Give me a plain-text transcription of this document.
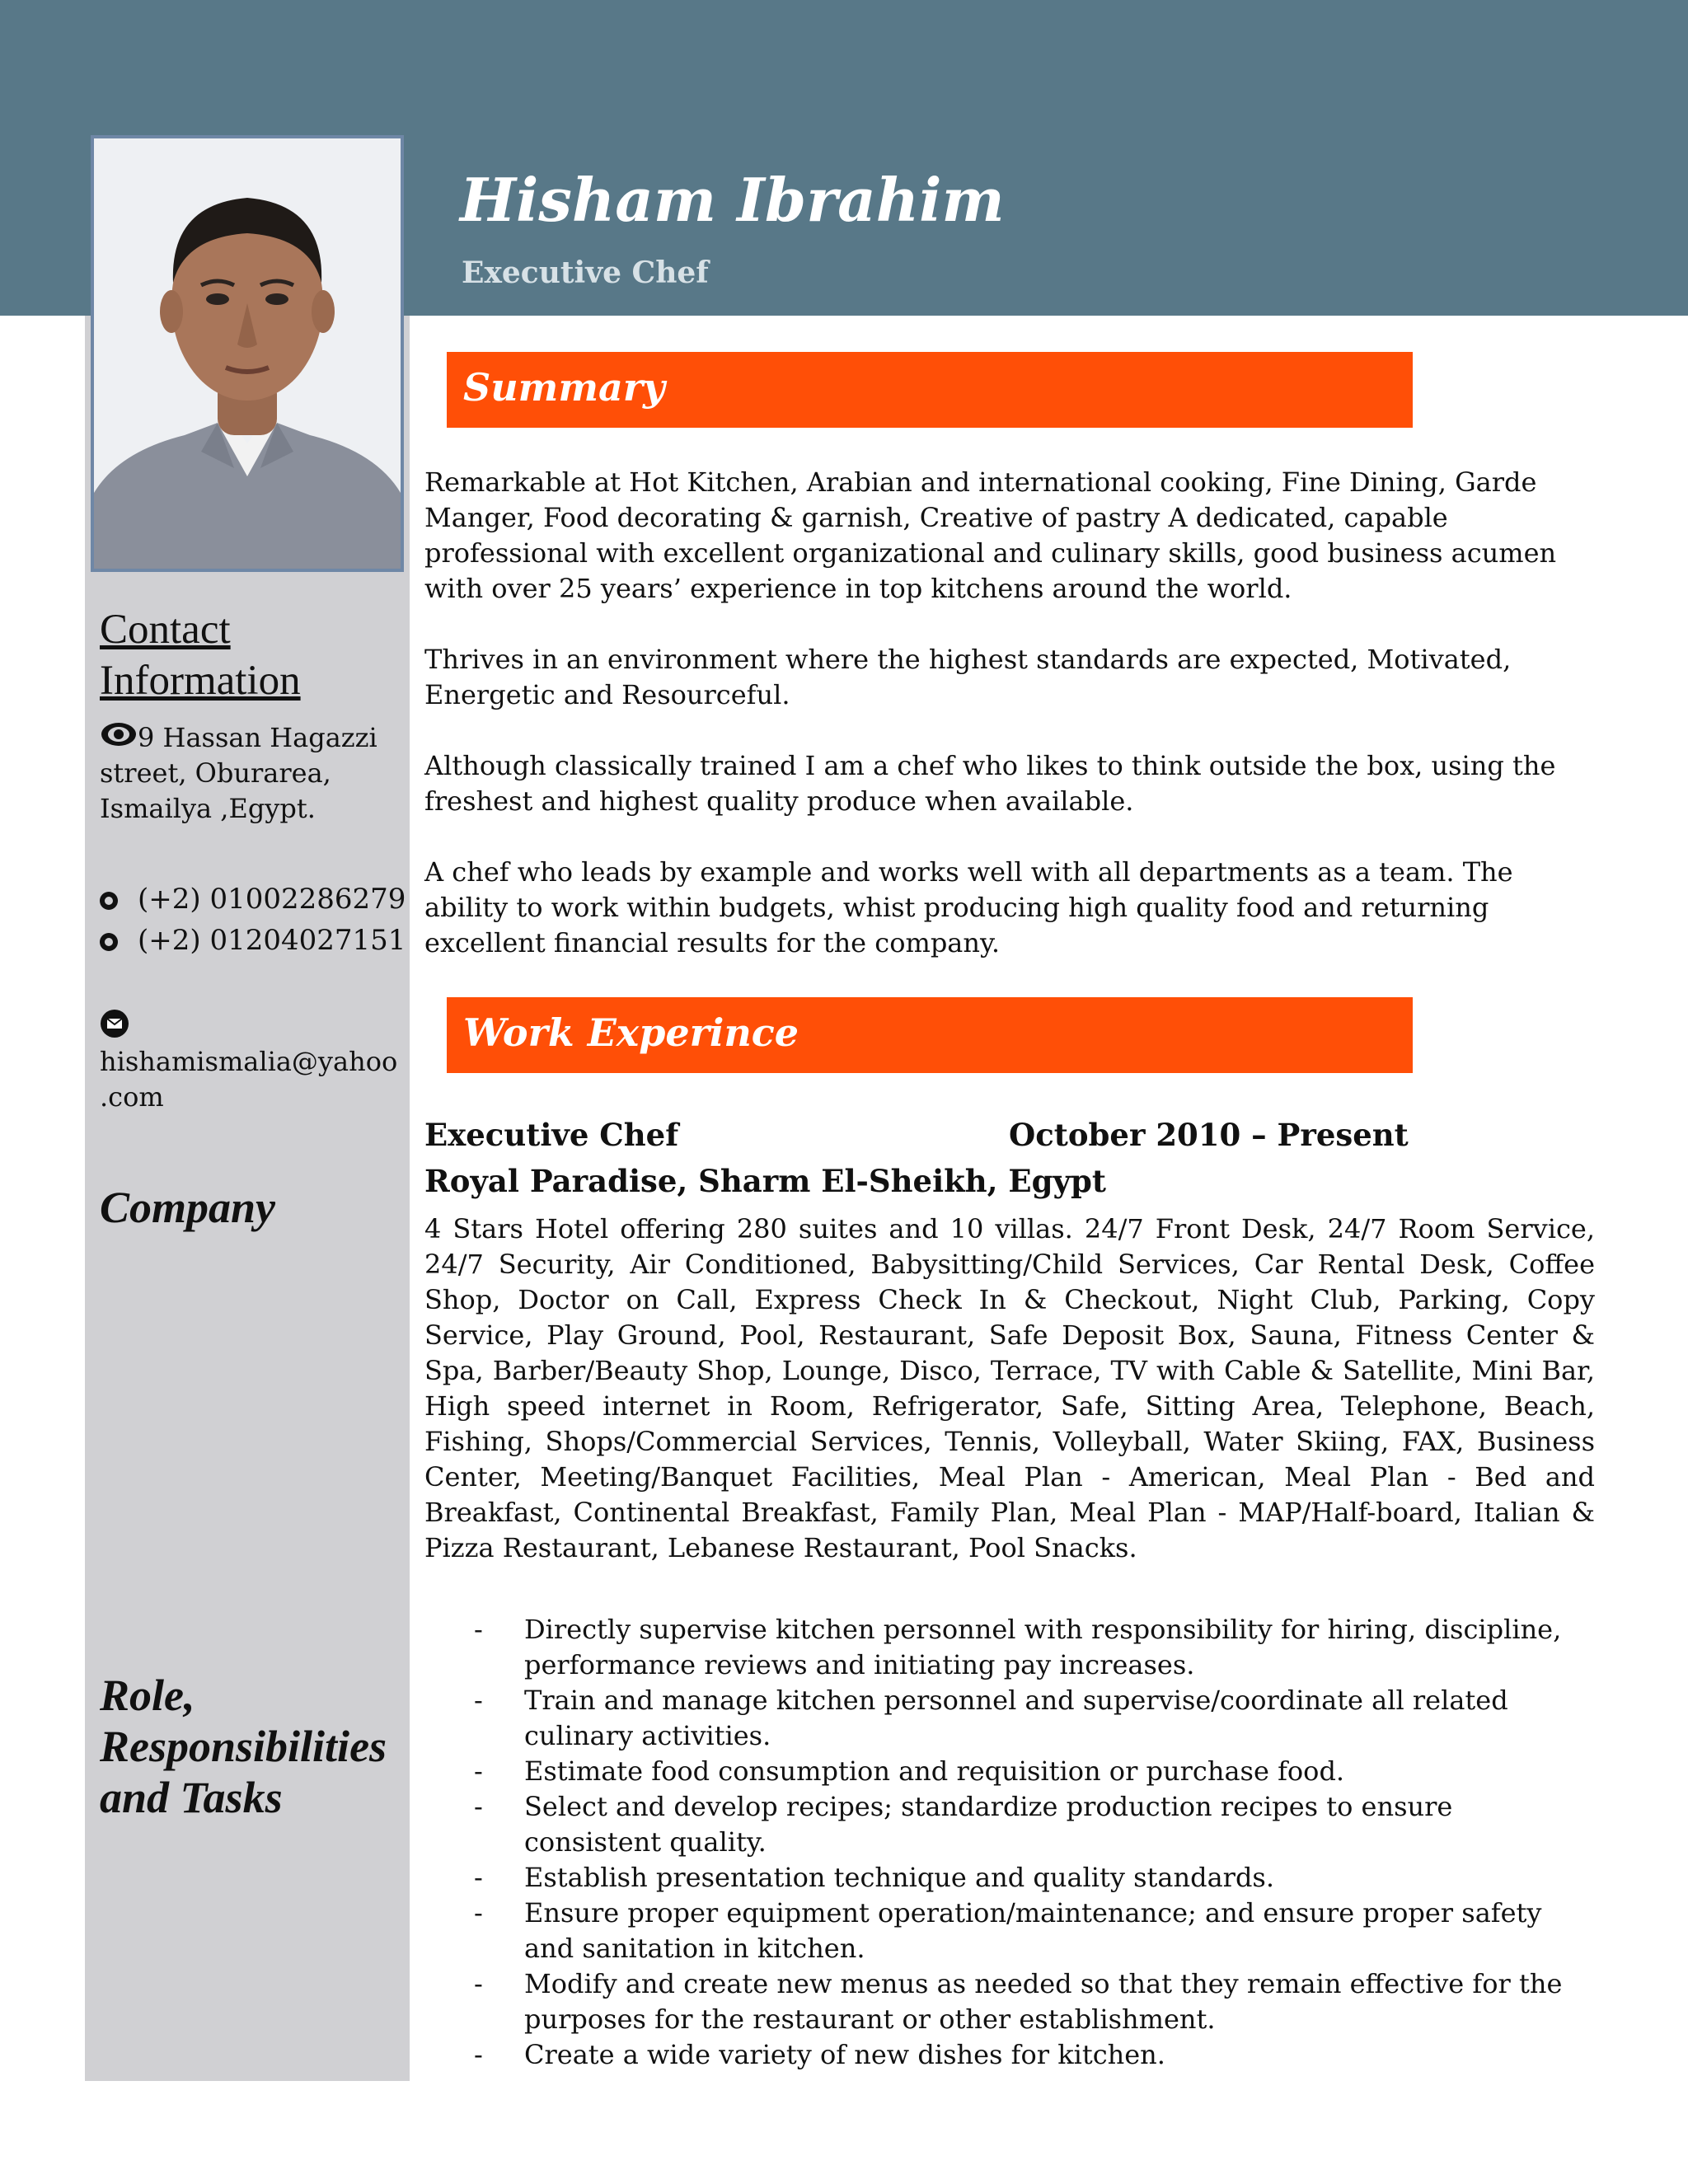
Hisham Ibrahim
Executive Chef
Contact
Information
9 Hassan Hagazzi
street, Oburarea,
Ismailya ,Egypt.
(+2) 01002286279
(+2) 01204027151
hishamismalia@yahoo
.com
Company
Role,
Responsibilities
and Tasks
Summary

Remarkable at Hot Kitchen, Arabian and international cooking, Fine Dining, Garde Manger, Food decorating & garnish, Creative of pastry A dedicated, capable professional with excellent organizational and culinary skills, good business acumen with over 25 years’ experience in top kitchens around the world.

Thrives in an environment where the highest standards are expected, Motivated, Energetic and Resourceful.

Although classically trained I am a chef who likes to think outside the box, using the freshest and highest quality produce when available.

A chef who leads by example and works well with all departments as a team. The ability to work within budgets, whist producing high quality food and returning excellent financial results for the company.

Work Experince
Executive Chef	October 2010 – Present
Royal Paradise, Sharm El-Sheikh, Egypt
4 Stars Hotel offering 280 suites and 10 villas. 24/7 Front Desk, 24/7 Room Service, 24/7 Security, Air Conditioned, Babysitting/Child Services, Car Rental Desk, Coffee Shop, Doctor on Call, Express Check In & Checkout, Night Club, Parking, Copy Service, Play Ground, Pool, Restaurant, Safe Deposit Box, Sauna, Fitness Center & Spa, Barber/Beauty Shop, Lounge, Disco, Terrace, TV with Cable & Satellite, Mini Bar, High speed internet in Room, Refrigerator, Safe, Sitting Area, Telephone, Beach, Fishing, Shops/Commercial Services, Tennis, Volleyball, Water Skiing, FAX, Business Center, Meeting/Banquet Facilities, Meal Plan - American, Meal Plan - Bed and Breakfast, Continental Breakfast, Family Plan, Meal Plan - MAP/Half-board, Italian & Pizza Restaurant, Lebanese Restaurant, Pool Snacks.
- Directly supervise kitchen personnel with responsibility for hiring, discipline, performance reviews and initiating pay increases.
- Train and manage kitchen personnel and supervise/coordinate all related culinary activities.
- Estimate food consumption and requisition or purchase food.
- Select and develop recipes; standardize production recipes to ensure consistent quality.
- Establish presentation technique and quality standards.
- Ensure proper equipment operation/maintenance; and ensure proper safety and sanitation in kitchen.
- Modify and create new menus as needed so that they remain effective for the purposes for the restaurant or other establishment.
- Create a wide variety of new dishes for kitchen.
